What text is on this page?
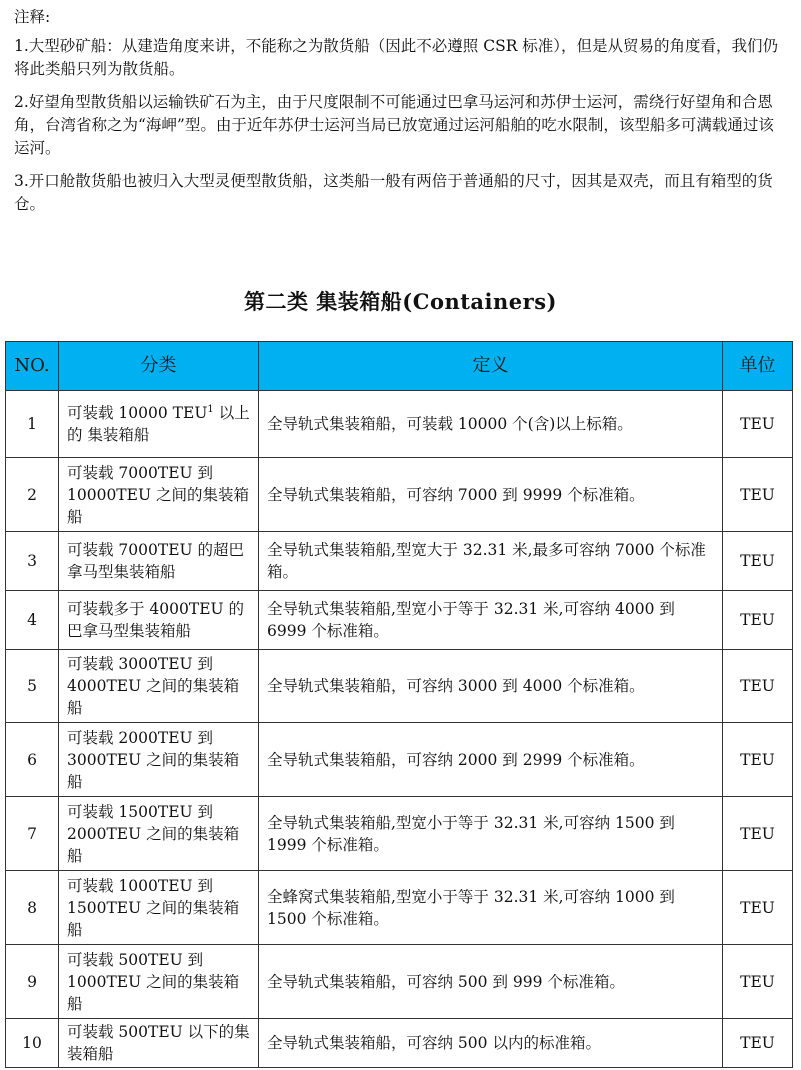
注释:

1.大型砂矿船：从建造角度来讲，不能称之为散货船（因此不必遵照 CSR 标准），但是从贸易的角度看，我们仍将此类船只列为散货船。

2.好望角型散货船以运输铁矿石为主，由于尺度限制不可能通过巴拿马运河和苏伊士运河，需绕行好望角和合恩角，台湾省称之为“海岬”型。由于近年苏伊士运河当局已放宽通过运河船舶的吃水限制，该型船多可满载通过该运河。

3.开口舱散货船也被归入大型灵便型散货船，这类船一般有两倍于普通船的尺寸，因其是双壳，而且有箱型的货仓。

第二类 集装箱船(Containers)
NO.	分类	定义	单位
1	可装载 10000 TEU$^1$ 以上的 集装箱船	全导轨式集装箱船，可装载 10000 个(含)以上标箱。	TEU
2	可装载 7000TEU 到 10000TEU 之间的集装箱船	全导轨式集装箱船，可容纳 7000 到 9999 个标准箱。	TEU
3	可装载 7000TEU 的超巴拿马型集装箱船	全导轨式集装箱船,型宽大于 32.31 米,最多可容纳 7000 个标准箱。	TEU
4	可装载多于 4000TEU 的巴拿马型集装箱船	全导轨式集装箱船,型宽小于等于 32.31 米,可容纳 4000 到 6999 个标准箱。	TEU
5	可装载 3000TEU 到 4000TEU 之间的集装箱船	全导轨式集装箱船，可容纳 3000 到 4000 个标准箱。	TEU
6	可装载 2000TEU 到 3000TEU 之间的集装箱船	全导轨式集装箱船，可容纳 2000 到 2999 个标准箱。	TEU
7	可装载 1500TEU 到 2000TEU 之间的集装箱船	全导轨式集装箱船,型宽小于等于 32.31 米,可容纳 1500 到 1999 个标准箱。	TEU
8	可装载 1000TEU 到 1500TEU 之间的集装箱船	全蜂窝式集装箱船,型宽小于等于 32.31 米,可容纳 1000 到 1500 个标准箱。	TEU
9	可装载 500TEU 到 1000TEU 之间的集装箱船	全导轨式集装箱船，可容纳 500 到 999 个标准箱。	TEU
10	可装载 500TEU 以下的集装箱船	全导轨式集装箱船，可容纳 500 以内的标准箱。	TEU
